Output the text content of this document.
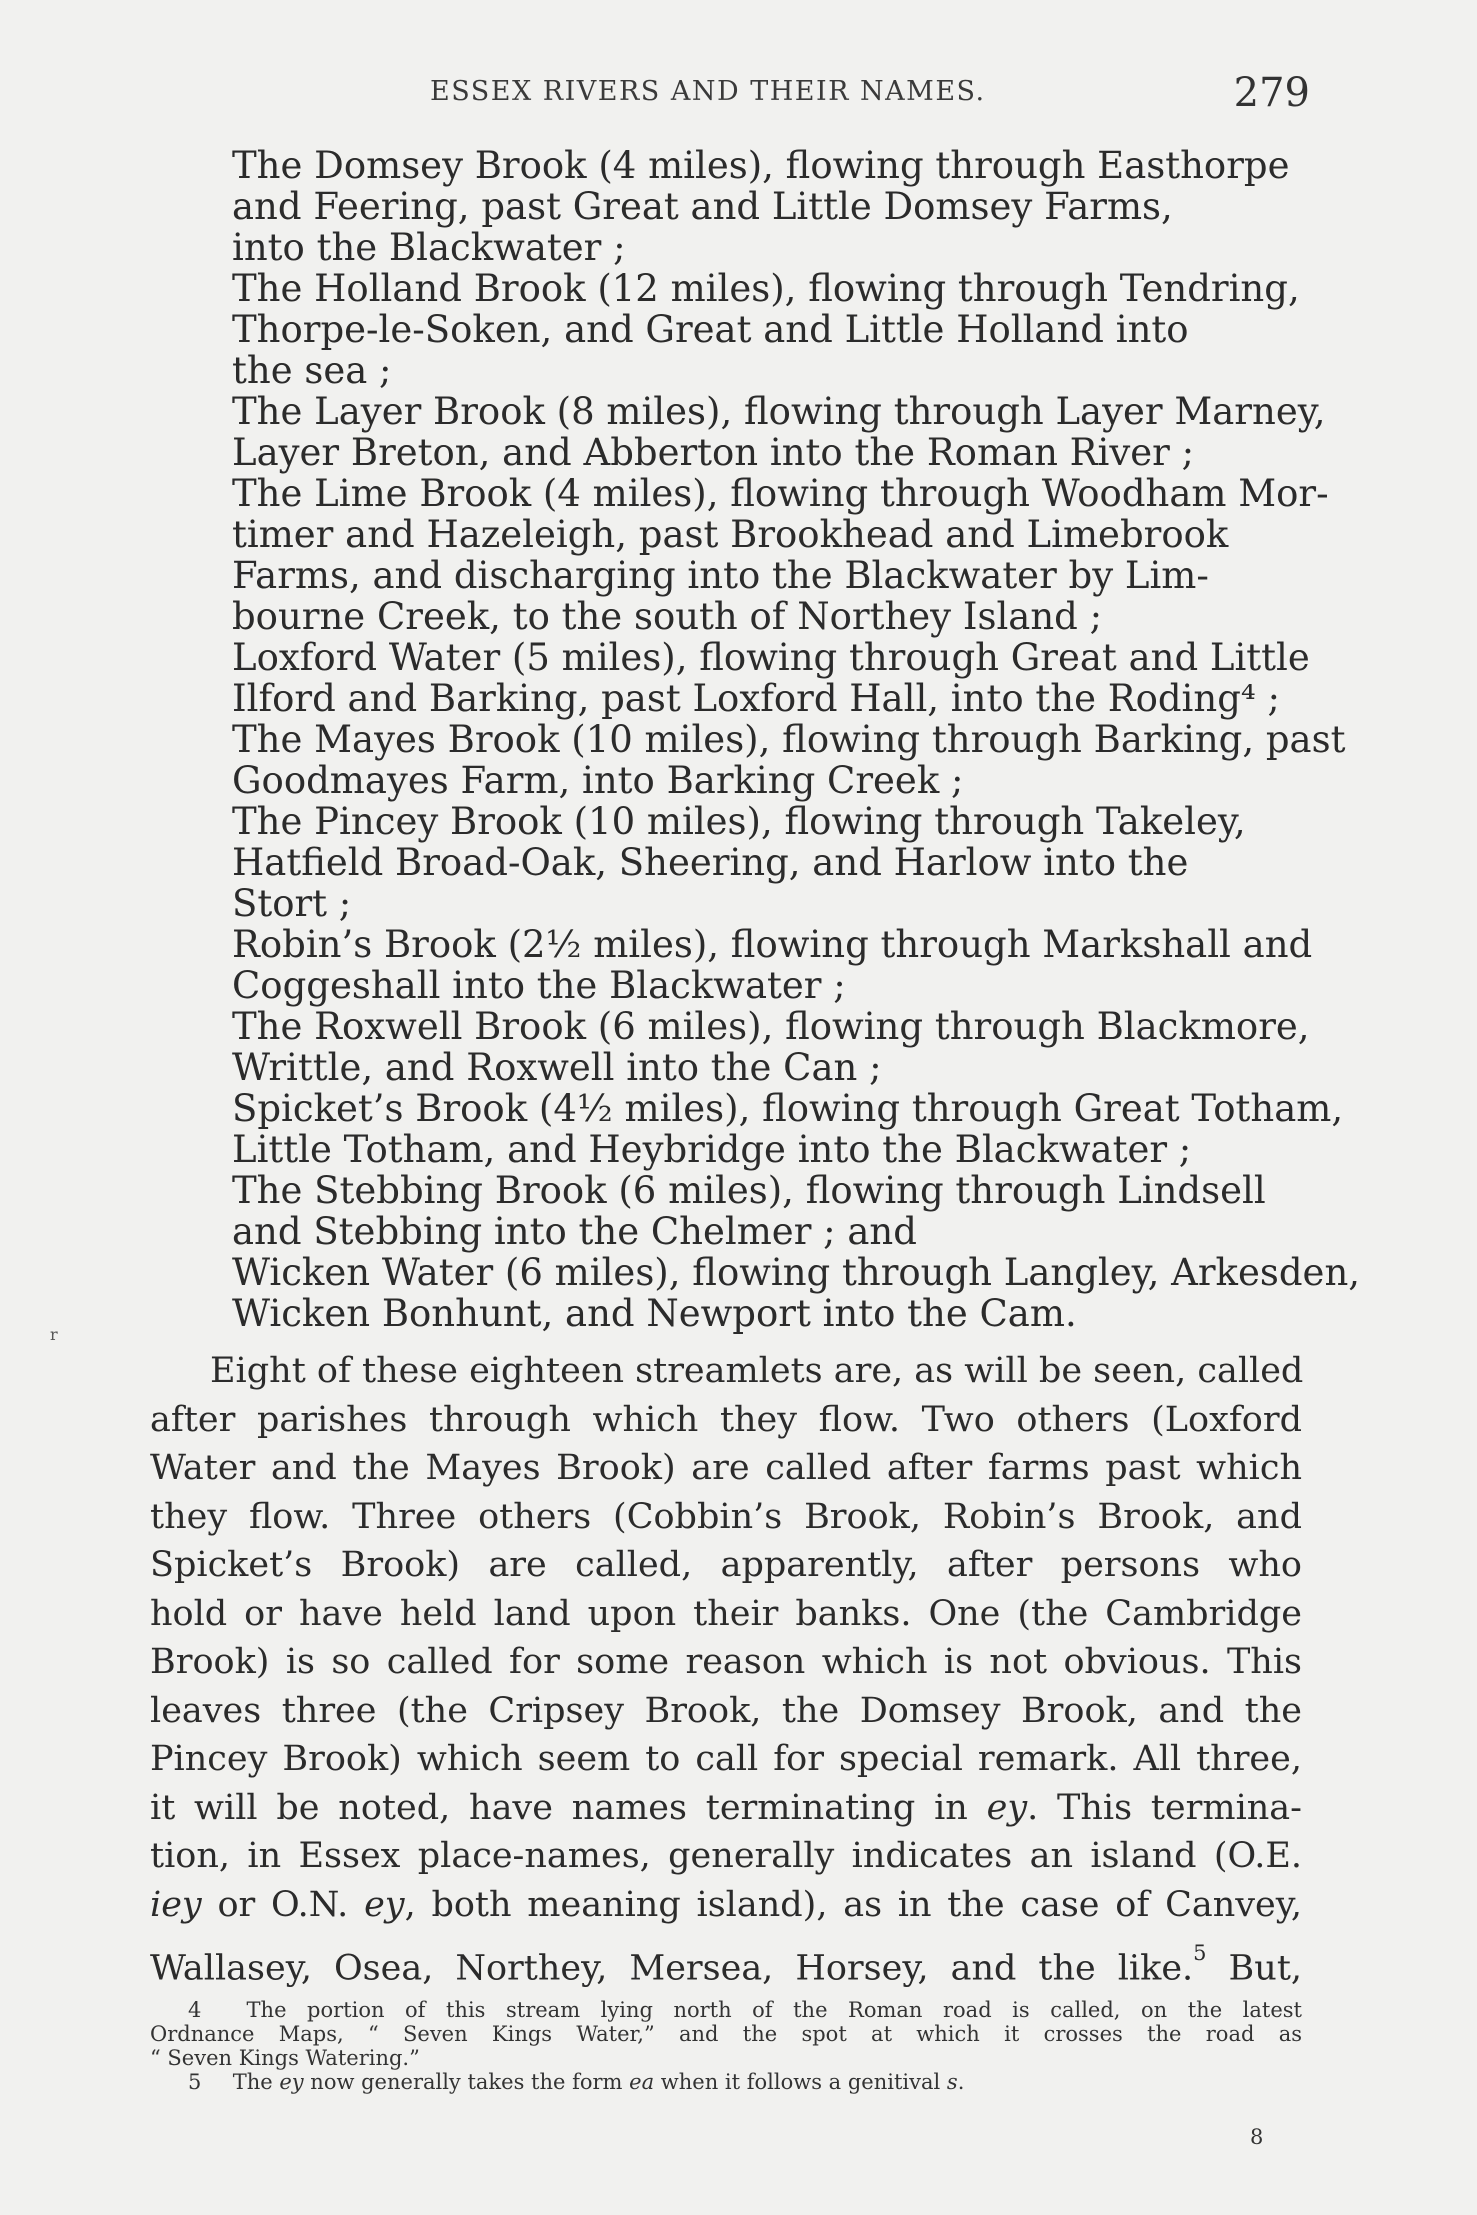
ESSEX RIVERS AND THEIR NAMES.	279
The Domsey Brook (4 miles), flowing through Easthorpe
and Feering, past Great and Little Domsey Farms,
into the Blackwater ;
The Holland Brook (12 miles), flowing through Tendring,
Thorpe-le-Soken, and Great and Little Holland into
the sea ;
The Layer Brook (8 miles), flowing through Layer Marney,
Layer Breton, and Abberton into the Roman River ;
The Lime Brook (4 miles), flowing through Woodham Mor-
timer and Hazeleigh, past Brookhead and Limebrook
Farms, and discharging into the Blackwater by Lim-
bourne Creek, to the south of Northey Island ;
Loxford Water (5 miles), flowing through Great and Little
Ilford and Barking, past Loxford Hall, into the Roding⁴ ;
The Mayes Brook (10 miles), flowing through Barking, past
Goodmayes Farm, into Barking Creek ;
The Pincey Brook (10 miles), flowing through Takeley,
Hatfield Broad-Oak, Sheering, and Harlow into the
Stort ;
Robin’s Brook (2½ miles), flowing through Markshall and
Coggeshall into the Blackwater ;
The Roxwell Brook (6 miles), flowing through Blackmore,
Writtle, and Roxwell into the Can ;
Spicket’s Brook (4½ miles), flowing through Great Totham,
Little Totham, and Heybridge into the Blackwater ;
The Stebbing Brook (6 miles), flowing through Lindsell
and Stebbing into the Chelmer ; and
Wicken Water (6 miles), flowing through Langley, Arkesden,
Wicken Bonhunt, and Newport into the Cam.
Eight of these eighteen streamlets are, as will be seen, called
after parishes through which they flow. Two others (Loxford
Water and the Mayes Brook) are called after farms past which
they flow. Three others (Cobbin’s Brook, Robin’s Brook, and
Spicket’s Brook) are called, apparently, after persons who
hold or have held land upon their banks. One (the Cambridge
Brook) is so called for some reason which is not obvious. This
leaves three (the Cripsey Brook, the Domsey Brook, and the
Pincey Brook) which seem to call for special remark. All three,
it will be noted, have names terminating in ey. This termina-
tion, in Essex place-names, generally indicates an island (O.E.
iey or O.N. ey, both meaning island), as in the case of Canvey,
Wallasey, Osea, Northey, Mersea, Horsey, and the like.$^5$ But,
4 The portion of this stream lying north of the Roman road is called, on the latest
Ordnance Maps, “ Seven Kings Water,” and the spot at which it crosses the road as
“ Seven Kings Watering.”
5 The ey now generally takes the form ea when it follows a genitival s.
8
r
